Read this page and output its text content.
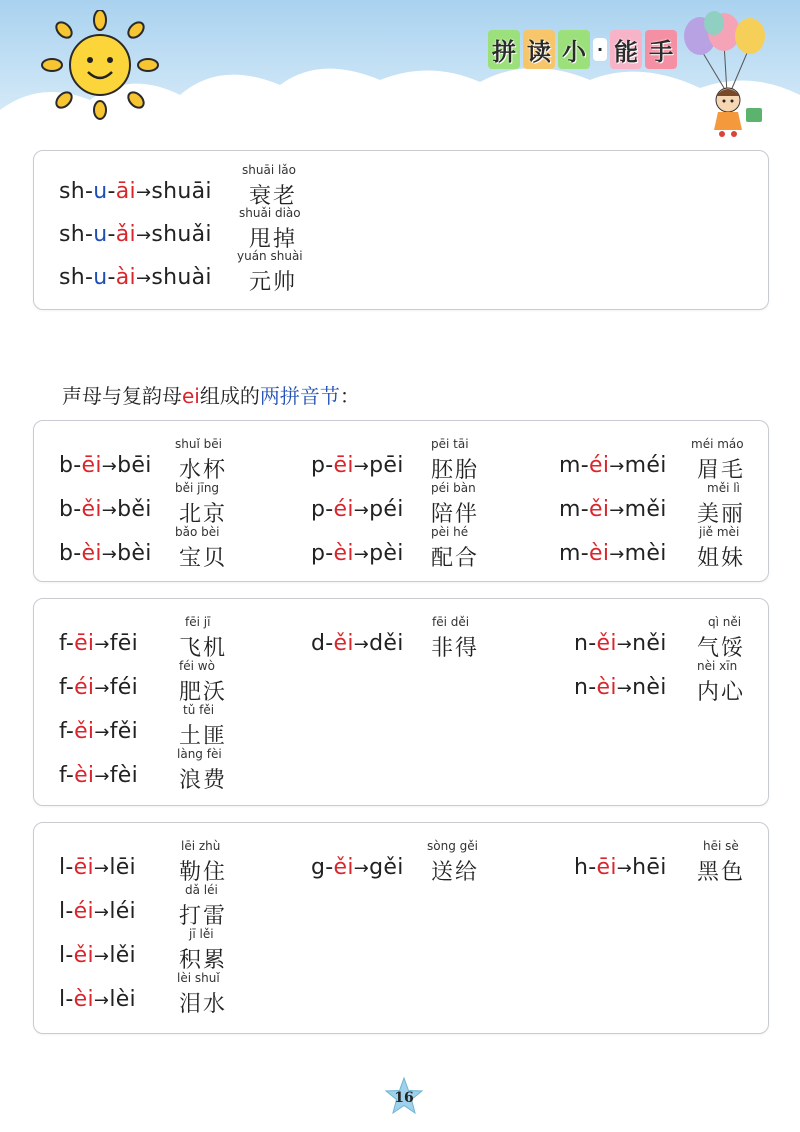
拼 读 小 · 能 手
sh-u-āi→shuāi
shuāi lǎo
衰老
sh-u-ǎi→shuǎi
shuǎi diào
甩掉
sh-u-ài→shuài
yuán shuài
元帅
声母与复韵母ei组成的两拼音节：
b-ēi→bēi
shuǐ bēi
水杯
b-ěi→běi
běi jīng
北京
b-èi→bèi
bǎo bèi
宝贝
p-ēi→pēi
pēi tāi
胚胎
p-éi→péi
péi bàn
陪伴
p-èi→pèi
pèi hé
配合
m-éi→méi
méi máo
眉毛
m-ěi→měi
měi lì
美丽
m-èi→mèi
jiě mèi
姐妹
f-ēi→fēi
fēi jī
飞机
f-éi→féi
féi wò
肥沃
f-ěi→fěi
tǔ fěi
土匪
f-èi→fèi
làng fèi
浪费
d-ěi→děi
fēi děi
非得	n-ěi→něi
qì něi
气馁
n-èi→nèi
nèi xīn
内心
l-ēi→lēi
lēi zhù
勒住
l-éi→léi
dǎ léi
打雷
l-ěi→lěi
jī lěi
积累
l-èi→lèi
lèi shuǐ
泪水
g-ěi→gěi
sòng gěi
送给	h-ēi→hēi
hēi sè
黑色
16
